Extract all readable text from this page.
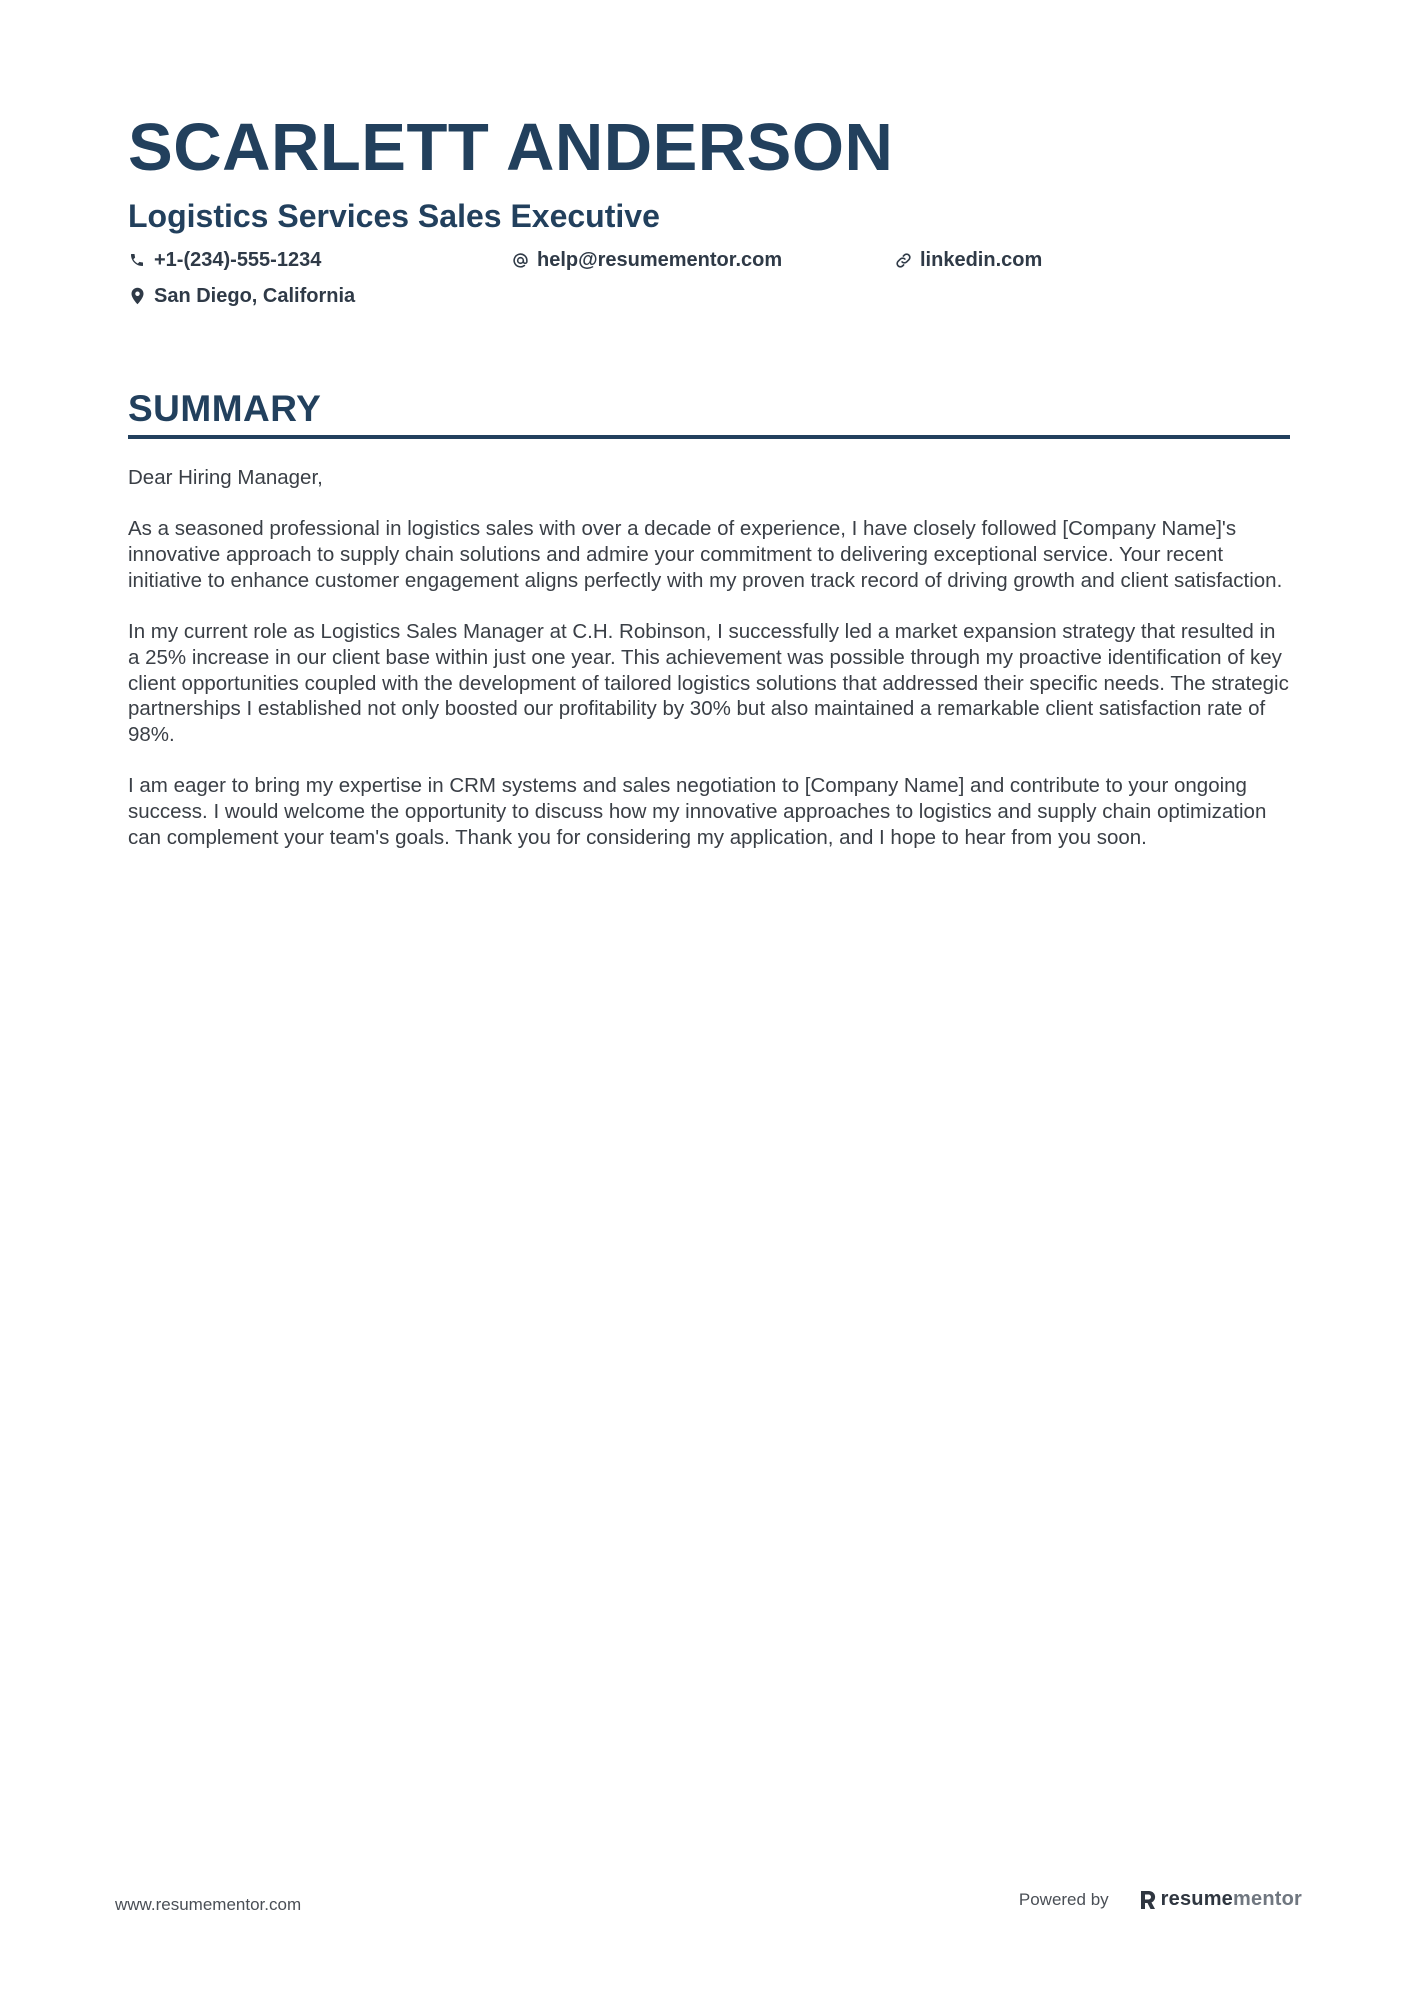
SCARLETT ANDERSON
Logistics Services Sales Executive
+1-(234)-555-1234	help@resumementor.com	linkedin.com
San Diego, California
SUMMARY

Dear Hiring Manager,

As a seasoned professional in logistics sales with over a decade of experience, I have closely followed [Company Name]'s innovative approach to supply chain solutions and admire your commitment to delivering exceptional service. Your recent initiative to enhance customer engagement aligns perfectly with my proven track record of driving growth and client satisfaction.

In my current role as Logistics Sales Manager at C.H. Robinson, I successfully led a market expansion strategy that resulted in a 25% increase in our client base within just one year. This achievement was possible through my proactive identification of key client opportunities coupled with the development of tailored logistics solutions that addressed their specific needs. The strategic partnerships I established not only boosted our profitability by 30% but also maintained a remarkable client satisfaction rate of 98%.

I am eager to bring my expertise in CRM systems and sales negotiation to [Company Name] and contribute to your ongoing success. I would welcome the opportunity to discuss how my innovative approaches to logistics and supply chain optimization can complement your team's goals. Thank you for considering my application, and I hope to hear from you soon.

www.resumementor.com	Powered by	resumementor
